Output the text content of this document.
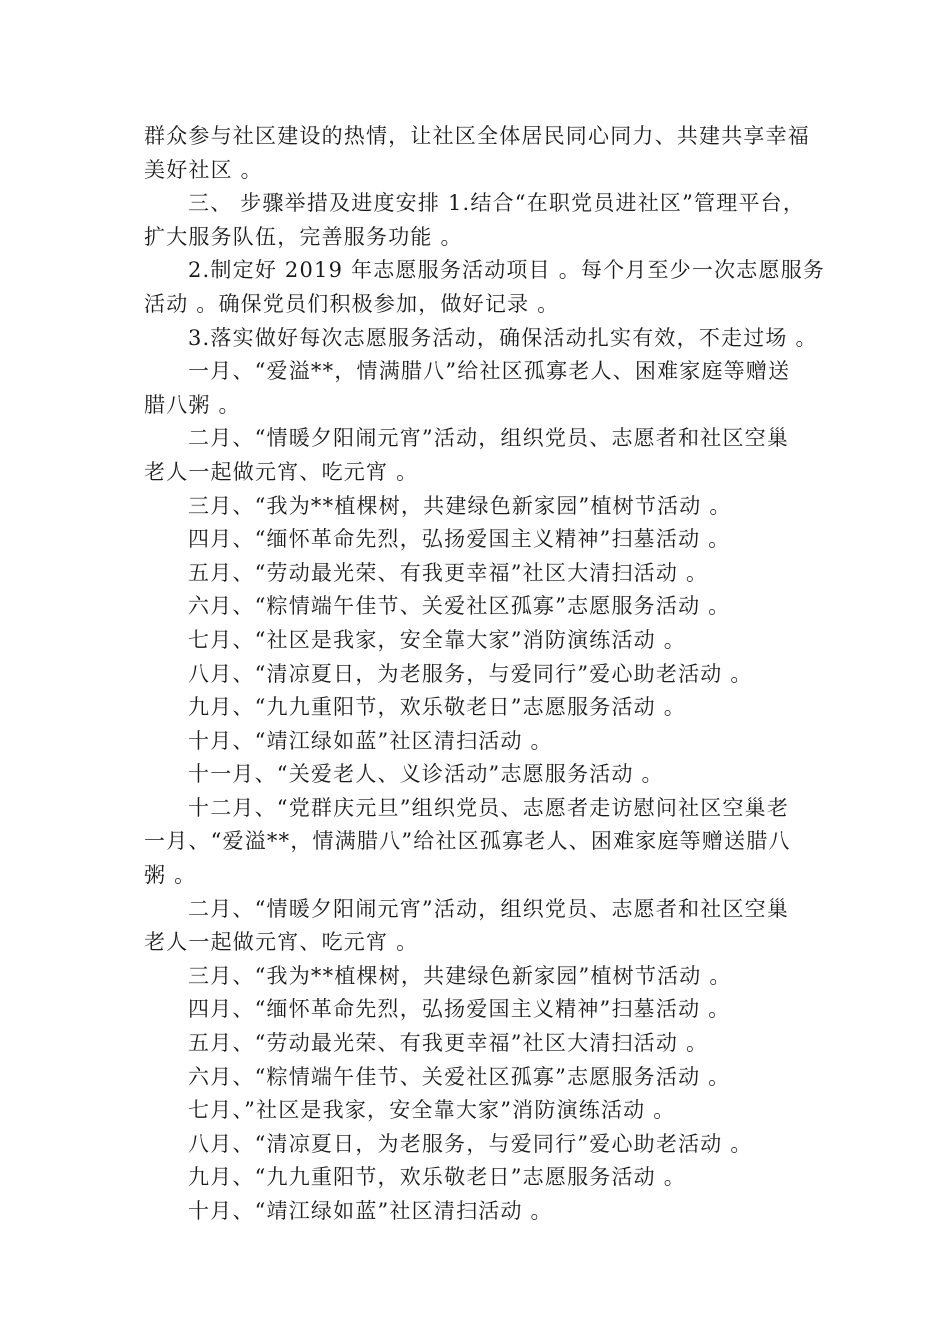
群众参与社区建设的热情，让社区全体居民同心同力、共建共享幸福
美好社区 。
三、 步骤举措及进度安排 1.结合“在职党员进社区”管理平台，
扩大服务队伍，完善服务功能 。
2.制定好 2019 年志愿服务活动项目 。每个月至少一次志愿服务
活动 。确保党员们积极参加，做好记录 。
3.落实做好每次志愿服务活动，确保活动扎实有效，不走过场 。
一月、“爱溢**，情满腊八”给社区孤寡老人、困难家庭等赠送
腊八粥 。
二月、“情暖夕阳闹元宵”活动，组织党员、志愿者和社区空巢
老人一起做元宵、吃元宵 。
三月、“我为**植棵树，共建绿色新家园”植树节活动 。
四月、“缅怀革命先烈，弘扬爱国主义精神”扫墓活动 。
五月、“劳动最光荣、有我更幸福”社区大清扫活动 。
六月、“粽情端午佳节、关爱社区孤寡”志愿服务活动 。
七月、“社区是我家，安全靠大家”消防演练活动 。
八月、“清凉夏日，为老服务，与爱同行”爱心助老活动 。
九月、“九九重阳节，欢乐敬老日”志愿服务活动 。
十月、“靖江绿如蓝”社区清扫活动 。
十一月、“关爱老人、义诊活动”志愿服务活动 。
十二月、“党群庆元旦”组织党员、志愿者走访慰问社区空巢老
一月、“爱溢**，情满腊八”给社区孤寡老人、困难家庭等赠送腊八
粥 。
二月、“情暖夕阳闹元宵”活动，组织党员、志愿者和社区空巢
老人一起做元宵、吃元宵 。
三月、“我为**植棵树，共建绿色新家园”植树节活动 。
四月、“缅怀革命先烈，弘扬爱国主义精神”扫墓活动 。
五月、“劳动最光荣、有我更幸福”社区大清扫活动 。
六月、“粽情端午佳节、关爱社区孤寡”志愿服务活动 。
七月、”社区是我家，安全靠大家”消防演练活动 。
八月、“清凉夏日，为老服务，与爱同行”爱心助老活动 。
九月、“九九重阳节，欢乐敬老日”志愿服务活动 。
十月、“靖江绿如蓝”社区清扫活动 。
